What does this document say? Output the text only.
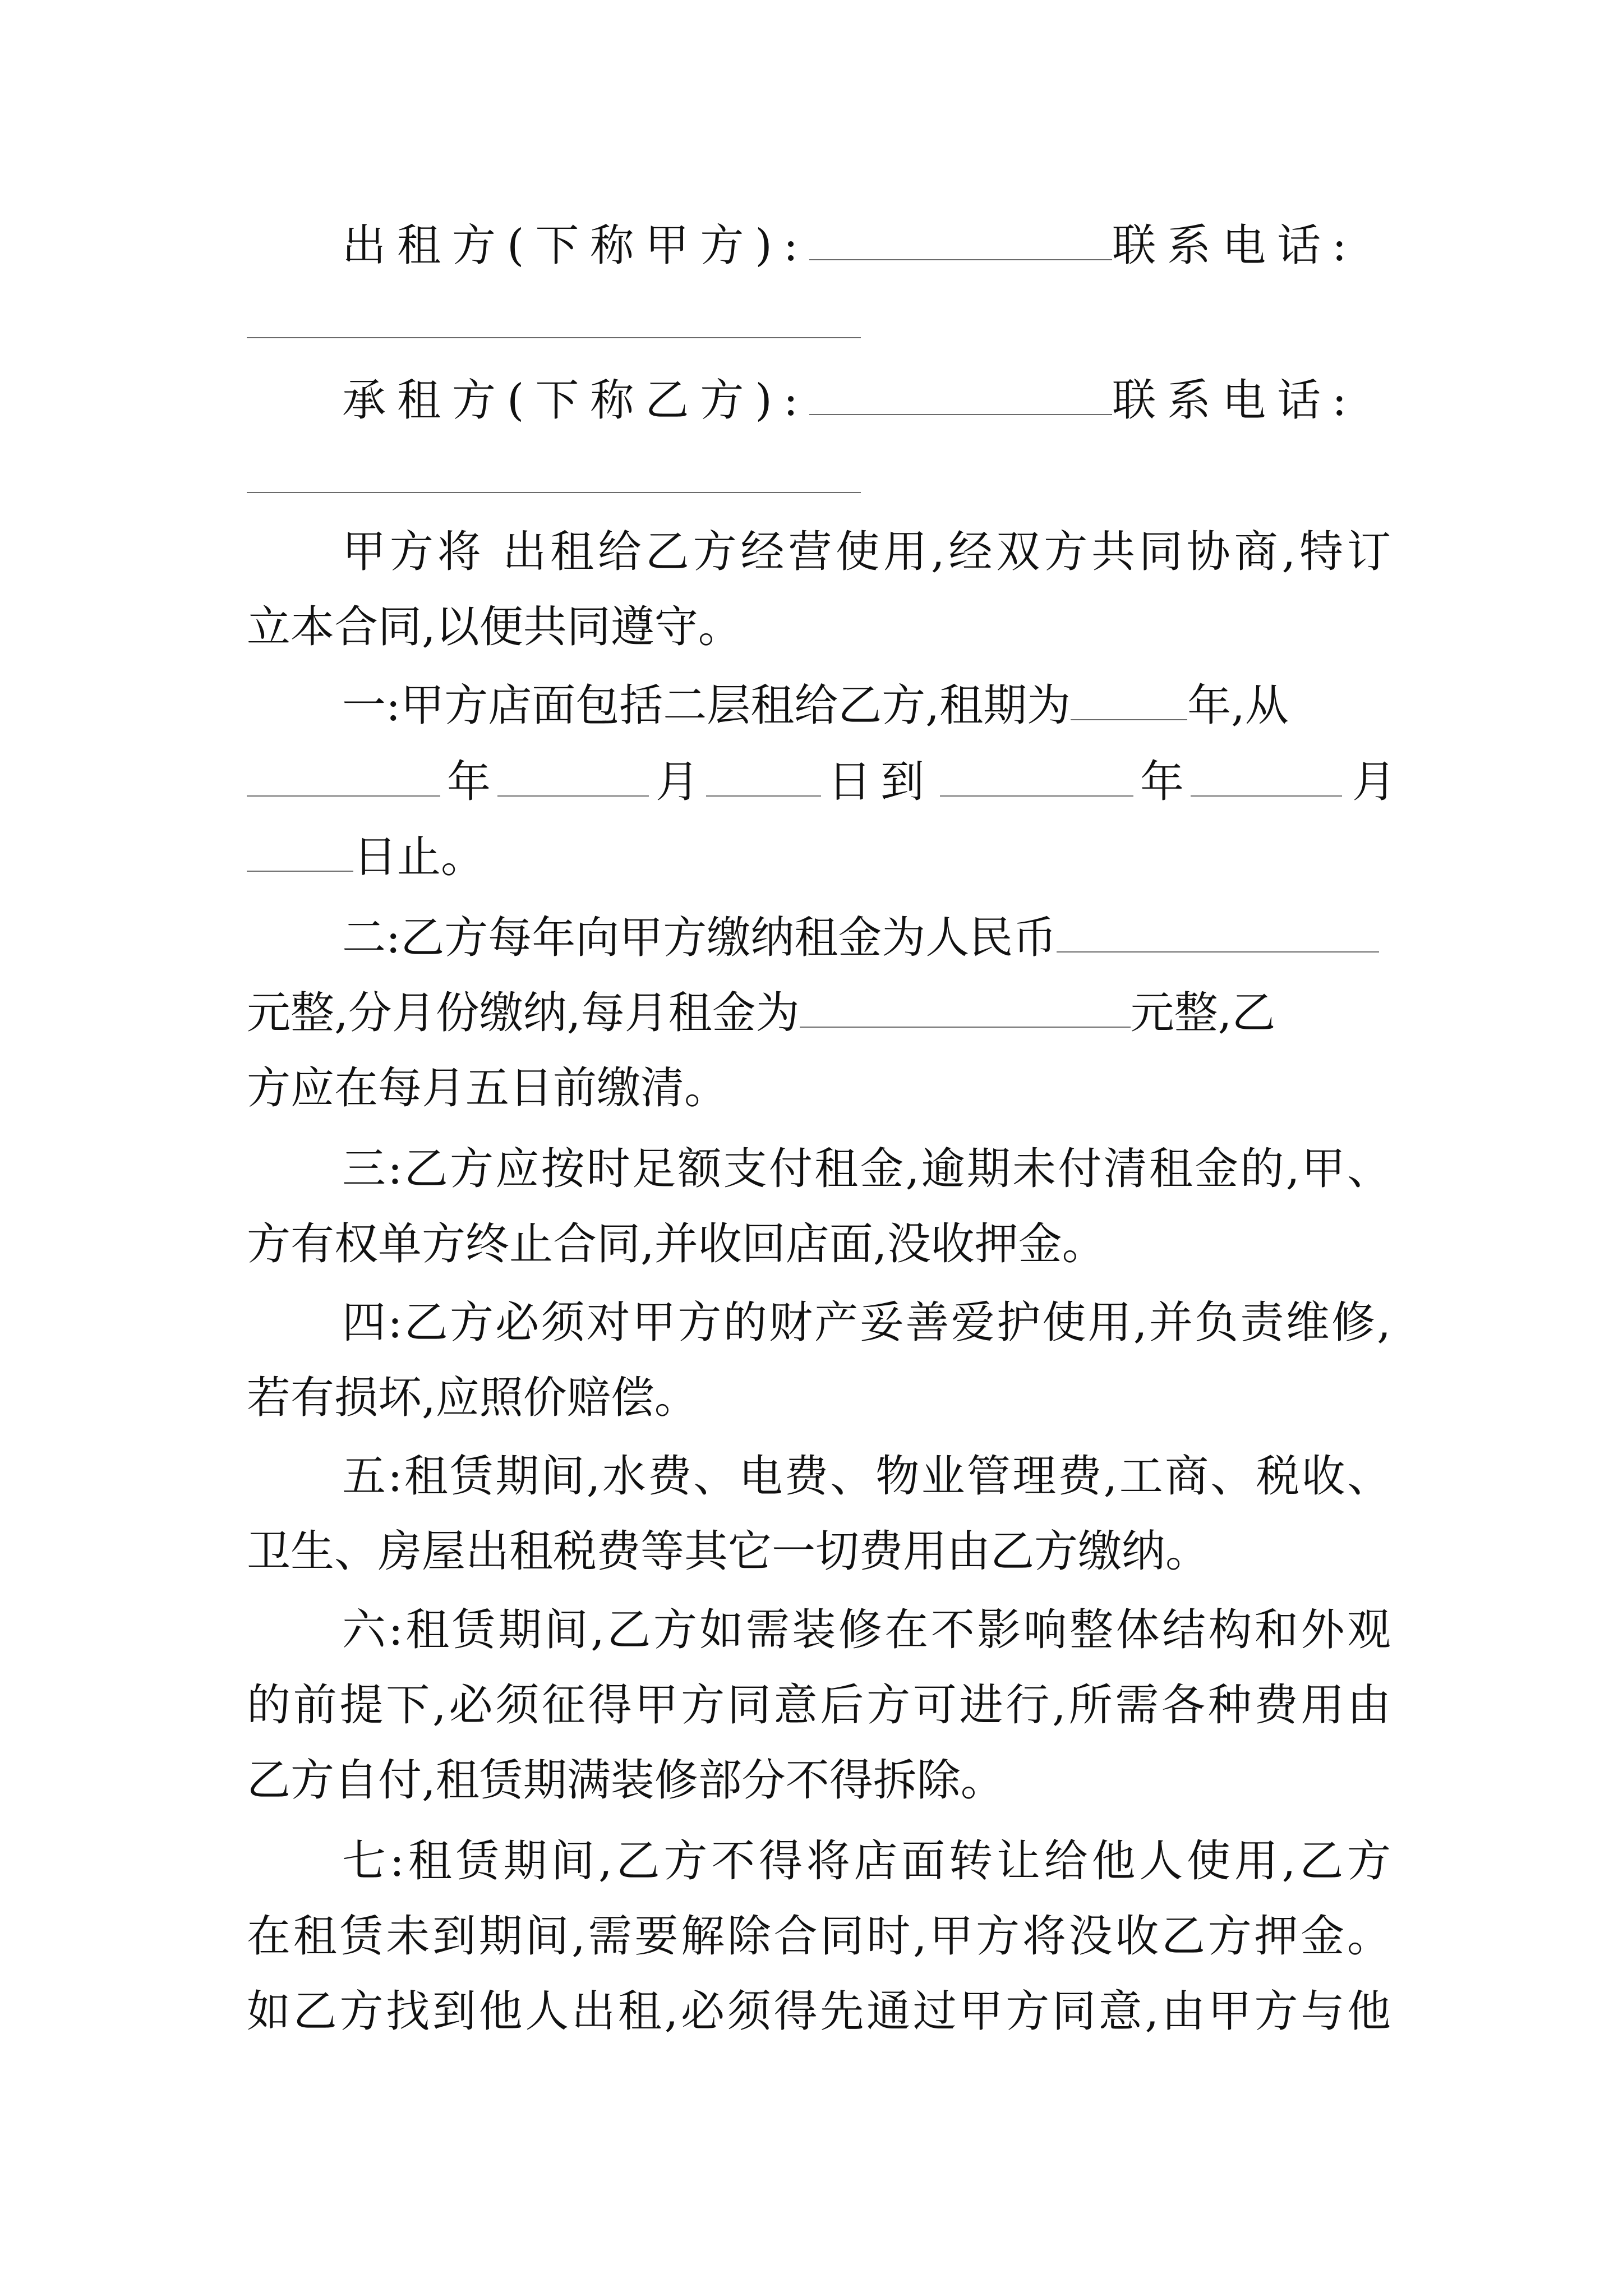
出租方(下称甲方):	联系电话:
承租方(下称乙方):	联系电话:
甲方将 出租给乙方经营使用,经双方共同协商,特订
立本合同,以便共同遵守。
一:甲方店面包括二层租给乙方,租期为	年,从
年	月	日到	年	月
日止。
二:乙方每年向甲方缴纳租金为人民币
元整,分月份缴纳,每月租金为	元整,乙
方应在每月五日前缴清。
三:乙方应按时足额支付租金,逾期未付清租金的,甲、
方有权单方终止合同,并收回店面,没收押金。
四:乙方必须对甲方的财产妥善爱护使用,并负责维修,
若有损坏,应照价赔偿。
五:租赁期间,水费、电费、物业管理费,工商、税收、
卫生、房屋出租税费等其它一切费用由乙方缴纳。
六:租赁期间,乙方如需装修在不影响整体结构和外观
的前提下,必须征得甲方同意后方可进行,所需各种费用由
乙方自付,租赁期满装修部分不得拆除。
七:租赁期间,乙方不得将店面转让给他人使用,乙方
在租赁未到期间,需要解除合同时,甲方将没收乙方押金。
如乙方找到他人出租,必须得先通过甲方同意,由甲方与他
